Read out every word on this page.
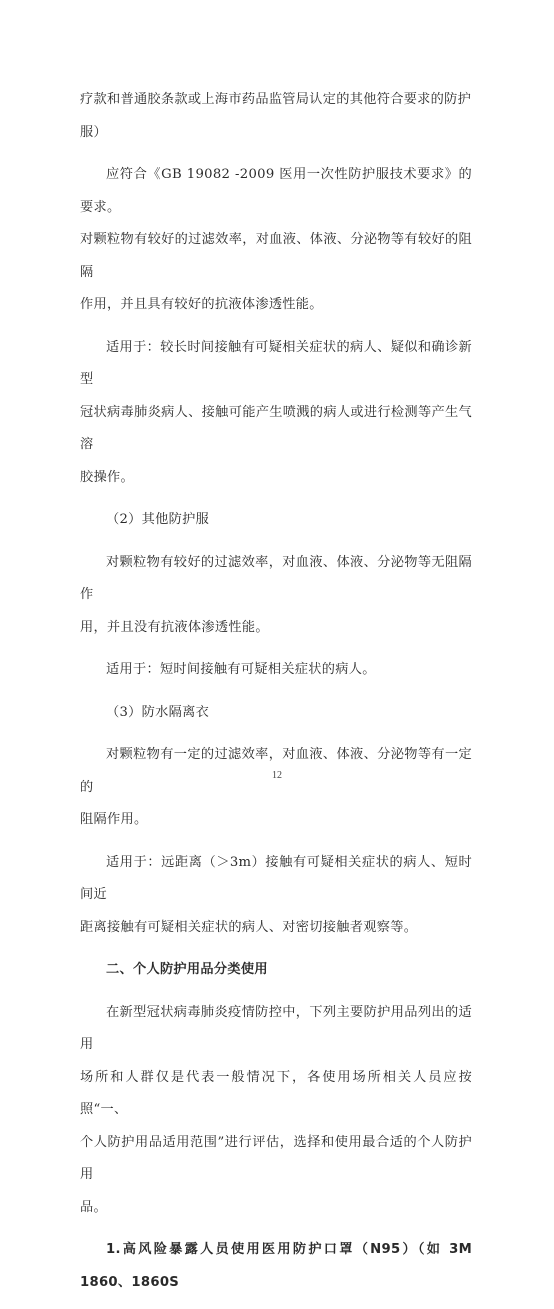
疗款和普通胶条款或上海市药品监管局认定的其他符合要求的防护
服）

应符合《GB 19082 -2009 医用一次性防护服技术要求》的要求。
对颗粒物有较好的过滤效率，对血液、体液、分泌物等有较好的阻隔
作用，并且具有较好的抗液体渗透性能。

适用于：较长时间接触有可疑相关症状的病人、疑似和确诊新型
冠状病毒肺炎病人、接触可能产生喷溅的病人或进行检测等产生气溶
胶操作。

（2）其他防护服

对颗粒物有较好的过滤效率，对血液、体液、分泌物等无阻隔作
用，并且没有抗液体渗透性能。

适用于：短时间接触有可疑相关症状的病人。

（3）防水隔离衣

对颗粒物有一定的过滤效率，对血液、体液、分泌物等有一定的
阻隔作用。

适用于：远距离（＞3m）接触有可疑相关症状的病人、短时间近
距离接触有可疑相关症状的病人、对密切接触者观察等。

二、个人防护用品分类使用

在新型冠状病毒肺炎疫情防控中，下列主要防护用品列出的适用
场所和人群仅是代表一般情况下，各使用场所相关人员应按照“一、
个人防护用品适用范围”进行评估，选择和使用最合适的个人防护用
品。

1.高风险暴露人员使用医用防护口罩（N95）（如 3M 1860、1860S

12
